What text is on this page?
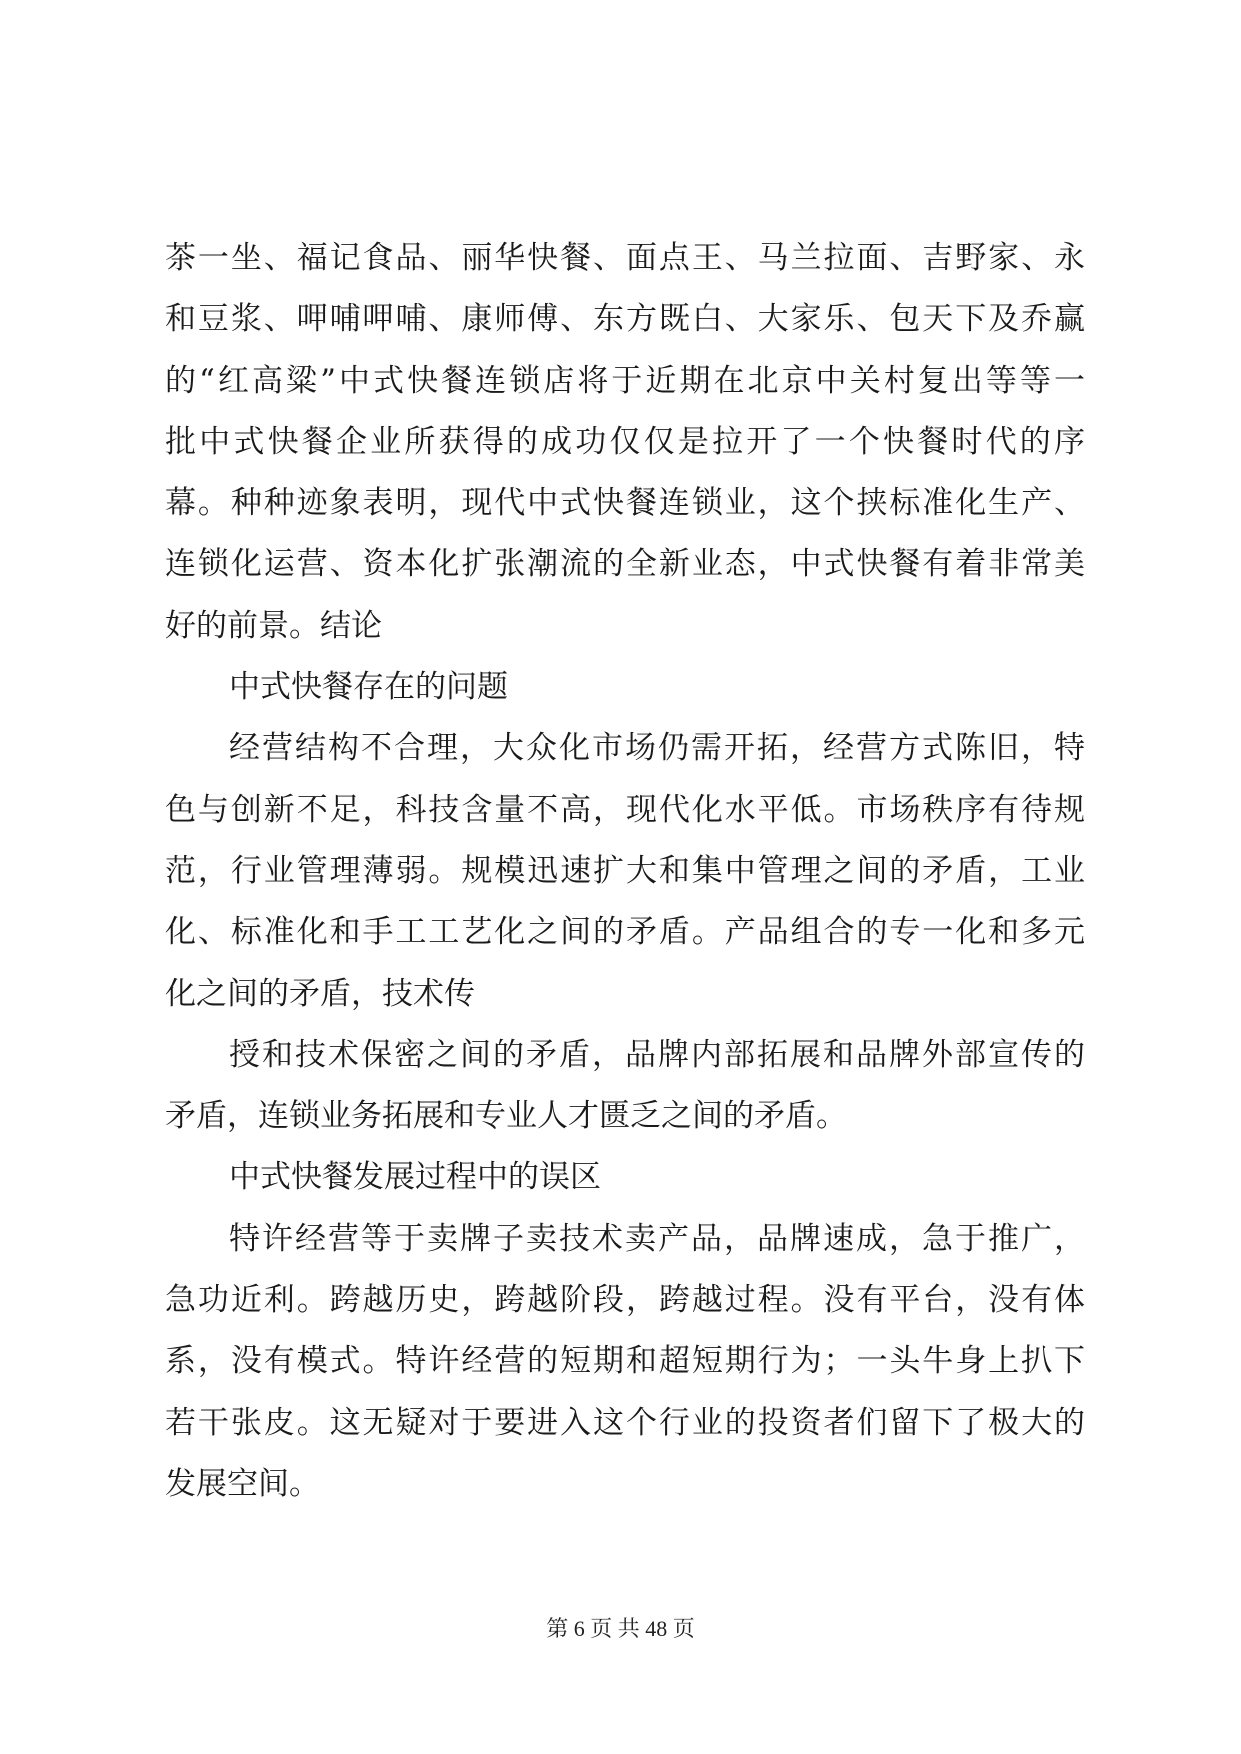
茶一坐、福记食品、丽华快餐、面点王、马兰拉面、吉野家、永
和豆浆、呷哺呷哺、康师傅、东方既白、大家乐、包天下及乔赢
的“红高粱”中式快餐连锁店将于近期在北京中关村复出等等一
批中式快餐企业所获得的成功仅仅是拉开了一个快餐时代的序
幕。种种迹象表明，现代中式快餐连锁业，这个挟标准化生产、
连锁化运营、资本化扩张潮流的全新业态，中式快餐有着非常美
好的前景。结论
中式快餐存在的问题
经营结构不合理，大众化市场仍需开拓，经营方式陈旧，特
色与创新不足，科技含量不高，现代化水平低。市场秩序有待规
范，行业管理薄弱。规模迅速扩大和集中管理之间的矛盾，工业
化、标准化和手工工艺化之间的矛盾。产品组合的专一化和多元
化之间的矛盾，技术传
授和技术保密之间的矛盾，品牌内部拓展和品牌外部宣传的
矛盾，连锁业务拓展和专业人才匮乏之间的矛盾。
中式快餐发展过程中的误区
特许经营等于卖牌子卖技术卖产品，品牌速成，急于推广，
急功近利。跨越历史，跨越阶段，跨越过程。没有平台，没有体
系，没有模式。特许经营的短期和超短期行为；一头牛身上扒下
若干张皮。这无疑对于要进入这个行业的投资者们留下了极大的
发展空间。
第 6 页 共 48 页
